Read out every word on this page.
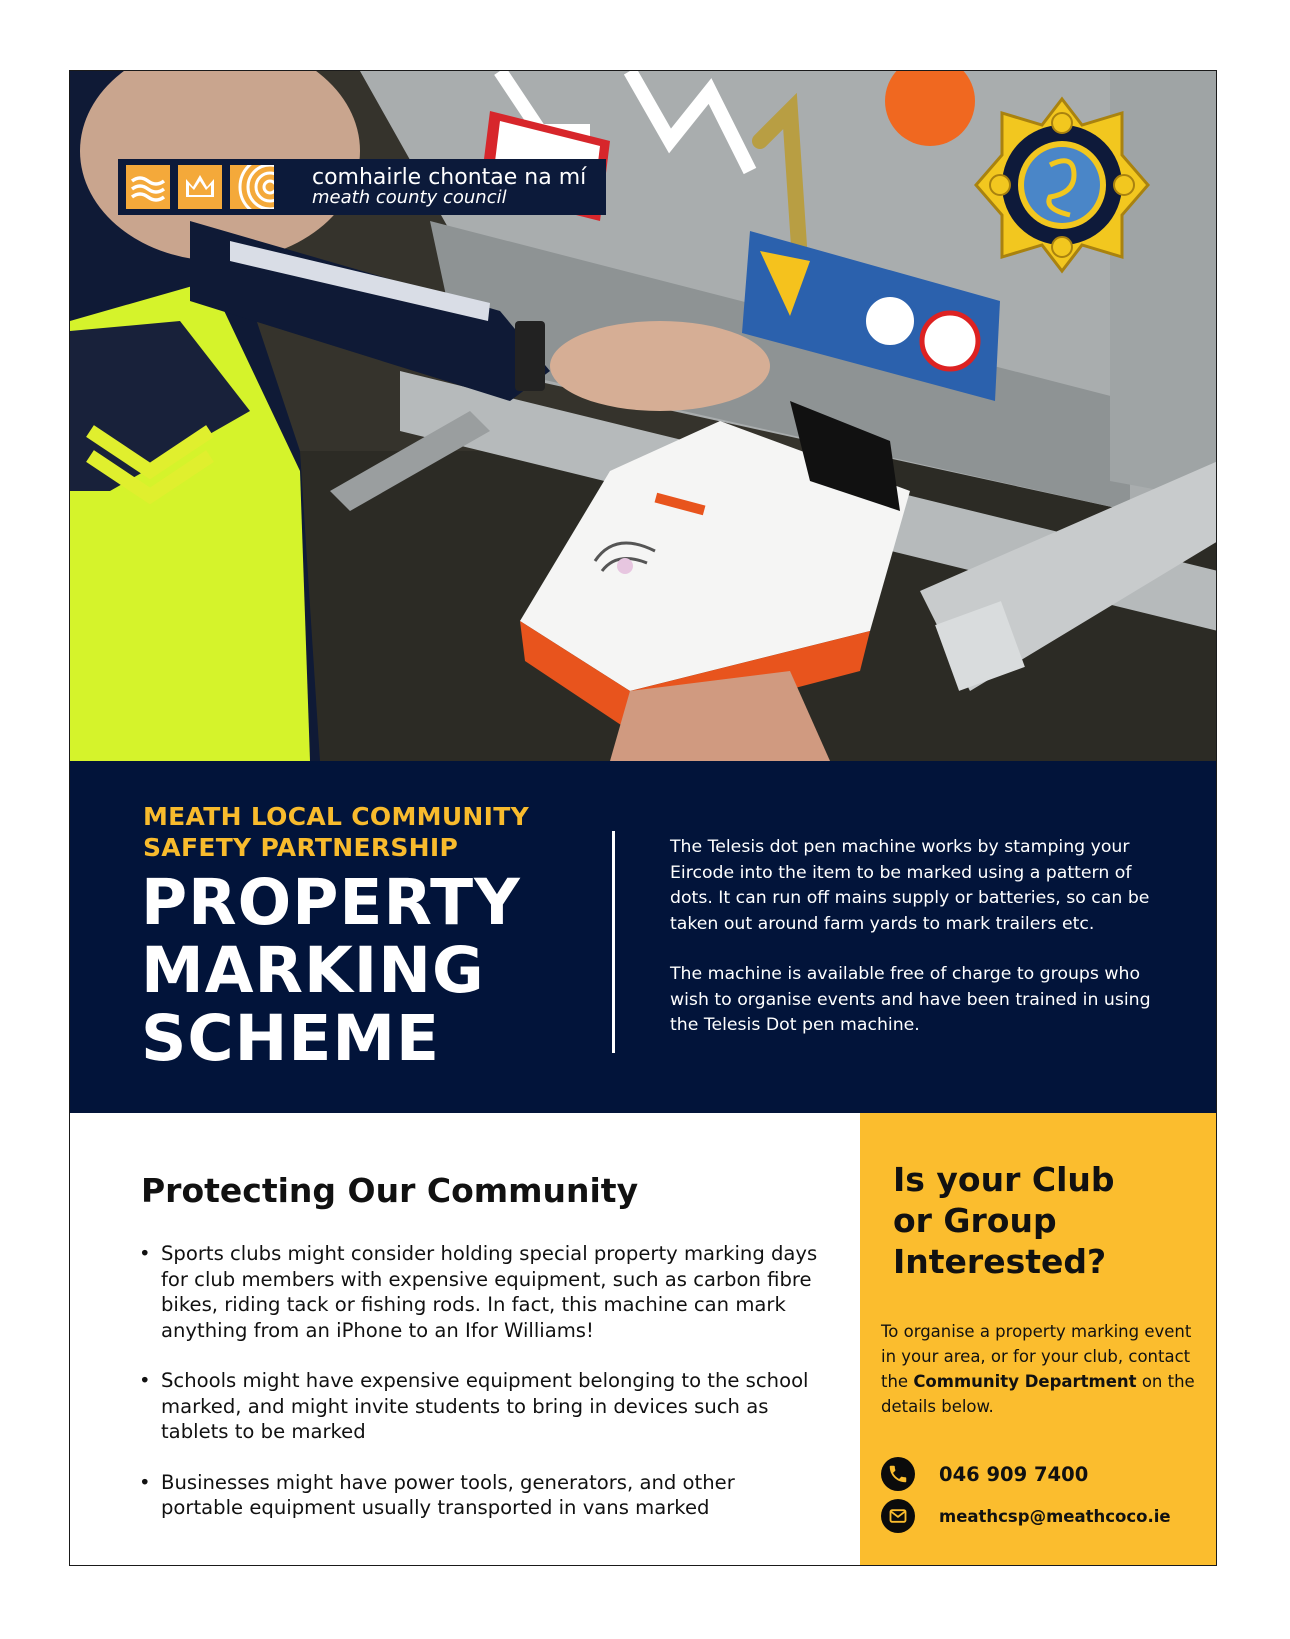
comhairle chontae na mí
meath county council
MEATH LOCAL COMMUNITY
SAFETY PARTNERSHIP
PROPERTY
MARKING
SCHEME

The Telesis dot pen machine works by stamping your Eircode into the item to be marked using a pattern of dots. It can run off mains supply or batteries, so can be taken out around farm yards to mark trailers etc.

The machine is available free of charge to groups who wish to organise events and have been trained in using the Telesis Dot pen machine.

Protecting Our Community
• Sports clubs might consider holding special property marking days for club members with expensive equipment, such as carbon fibre bikes, riding tack or fishing rods. In fact, this machine can mark anything from an iPhone to an Ifor Williams!
• Schools might have expensive equipment belonging to the school marked, and might invite students to bring in devices such as tablets to be marked
• Businesses might have power tools, generators, and other portable equipment usually transported in vans marked
Is your Club
or Group
Interested?

To organise a property marking event in your area, or for your club, contact the Community Department on the details below.

046 909 7400
meathcsp@meathcoco.ie
